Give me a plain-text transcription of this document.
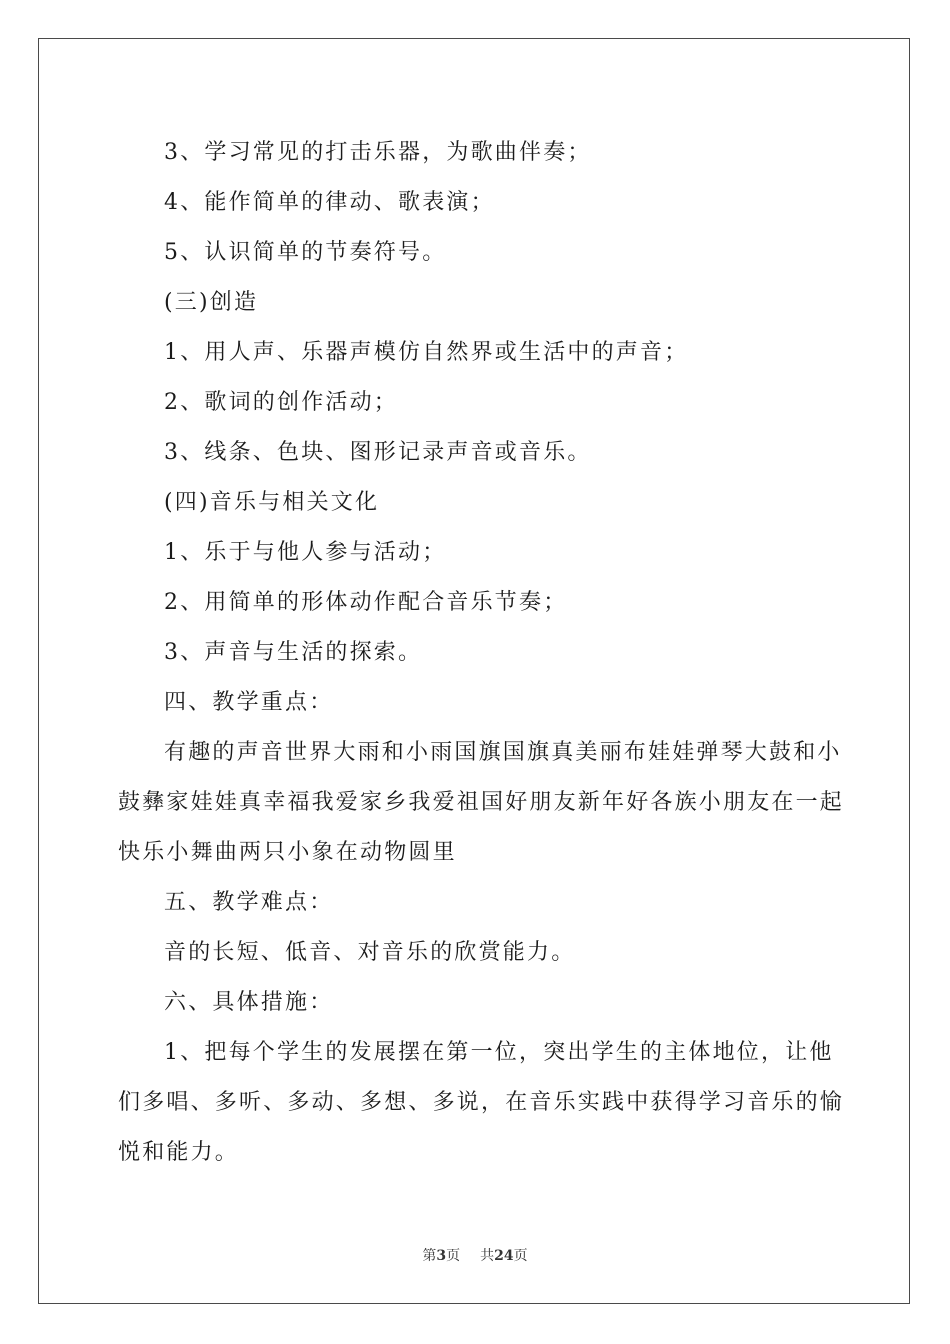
3、学习常见的打击乐器，为歌曲伴奏；
4、能作简单的律动、歌表演；
5、认识简单的节奏符号。
(三)创造
1、用人声、乐器声模仿自然界或生活中的声音；
2、歌词的创作活动；
3、线条、色块、图形记录声音或音乐。
(四)音乐与相关文化
1、乐于与他人参与活动；
2、用简单的形体动作配合音乐节奏；
3、声音与生活的探索。
四、教学重点：
有趣的声音世界大雨和小雨国旗国旗真美丽布娃娃弹琴大鼓和小
鼓彝家娃娃真幸福我爱家乡我爱祖国好朋友新年好各族小朋友在一起
快乐小舞曲两只小象在动物圆里
五、教学难点：
音的长短、低音、对音乐的欣赏能力。
六、具体措施：
1、把每个学生的发展摆在第一位，突出学生的主体地位，让他
们多唱、多听、多动、多想、多说，在音乐实践中获得学习音乐的愉
悦和能力。
第3页 共24页
